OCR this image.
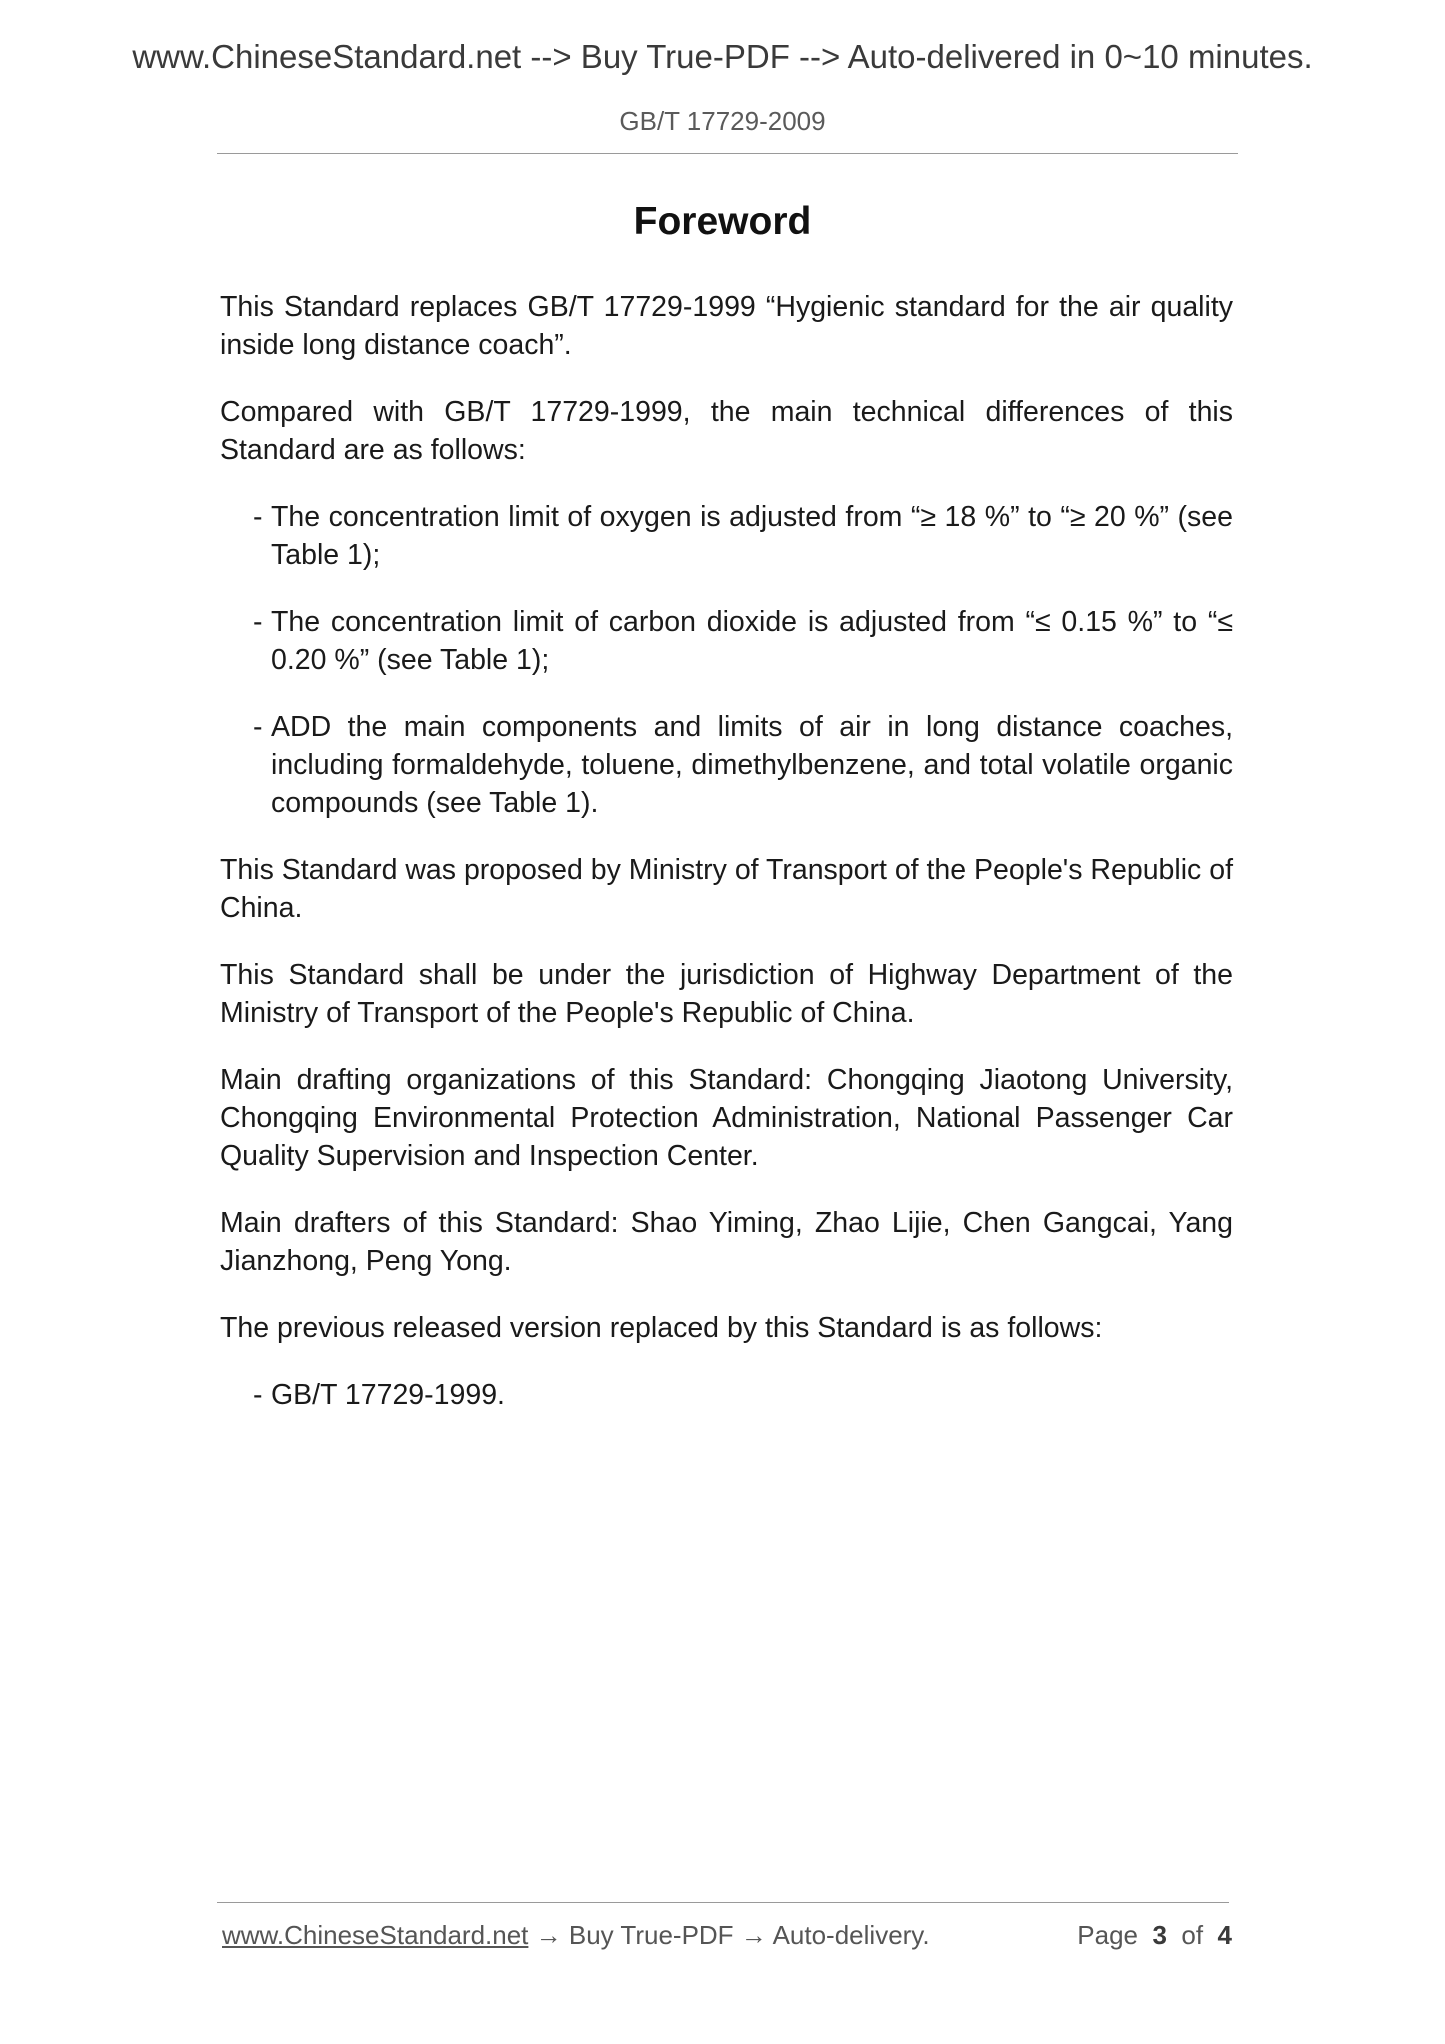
www.ChineseStandard.net --> Buy True-PDF --> Auto-delivered in 0~10 minutes.
GB/T 17729-2009
Foreword

This Standard replaces GB/T 17729-1999 “Hygienic standard for the air quality inside long distance coach”.

Compared with GB/T 17729-1999, the main technical differences of this Standard are as follows:

- The concentration limit of oxygen is adjusted from “≥ 18 %” to “≥ 20 %” (see Table 1);

- The concentration limit of carbon dioxide is adjusted from “≤ 0.15 %” to “≤ 0.20 %” (see Table 1);

- ADD the main components and limits of air in long distance coaches, including formaldehyde, toluene, dimethylbenzene, and total volatile organic compounds (see Table 1).

This Standard was proposed by Ministry of Transport of the People's Republic of China.

This Standard shall be under the jurisdiction of Highway Department of the Ministry of Transport of the People's Republic of China.

Main drafting organizations of this Standard: Chongqing Jiaotong University, Chongqing Environmental Protection Administration, National Passenger Car Quality Supervision and Inspection Center.

Main drafters of this Standard: Shao Yiming, Zhao Lijie, Chen Gangcai, Yang Jianzhong, Peng Yong.

The previous released version replaced by this Standard is as follows:

- GB/T 17729-1999.

www.ChineseStandard.net → Buy True-PDF → Auto-delivery.	Page 3 of 4
